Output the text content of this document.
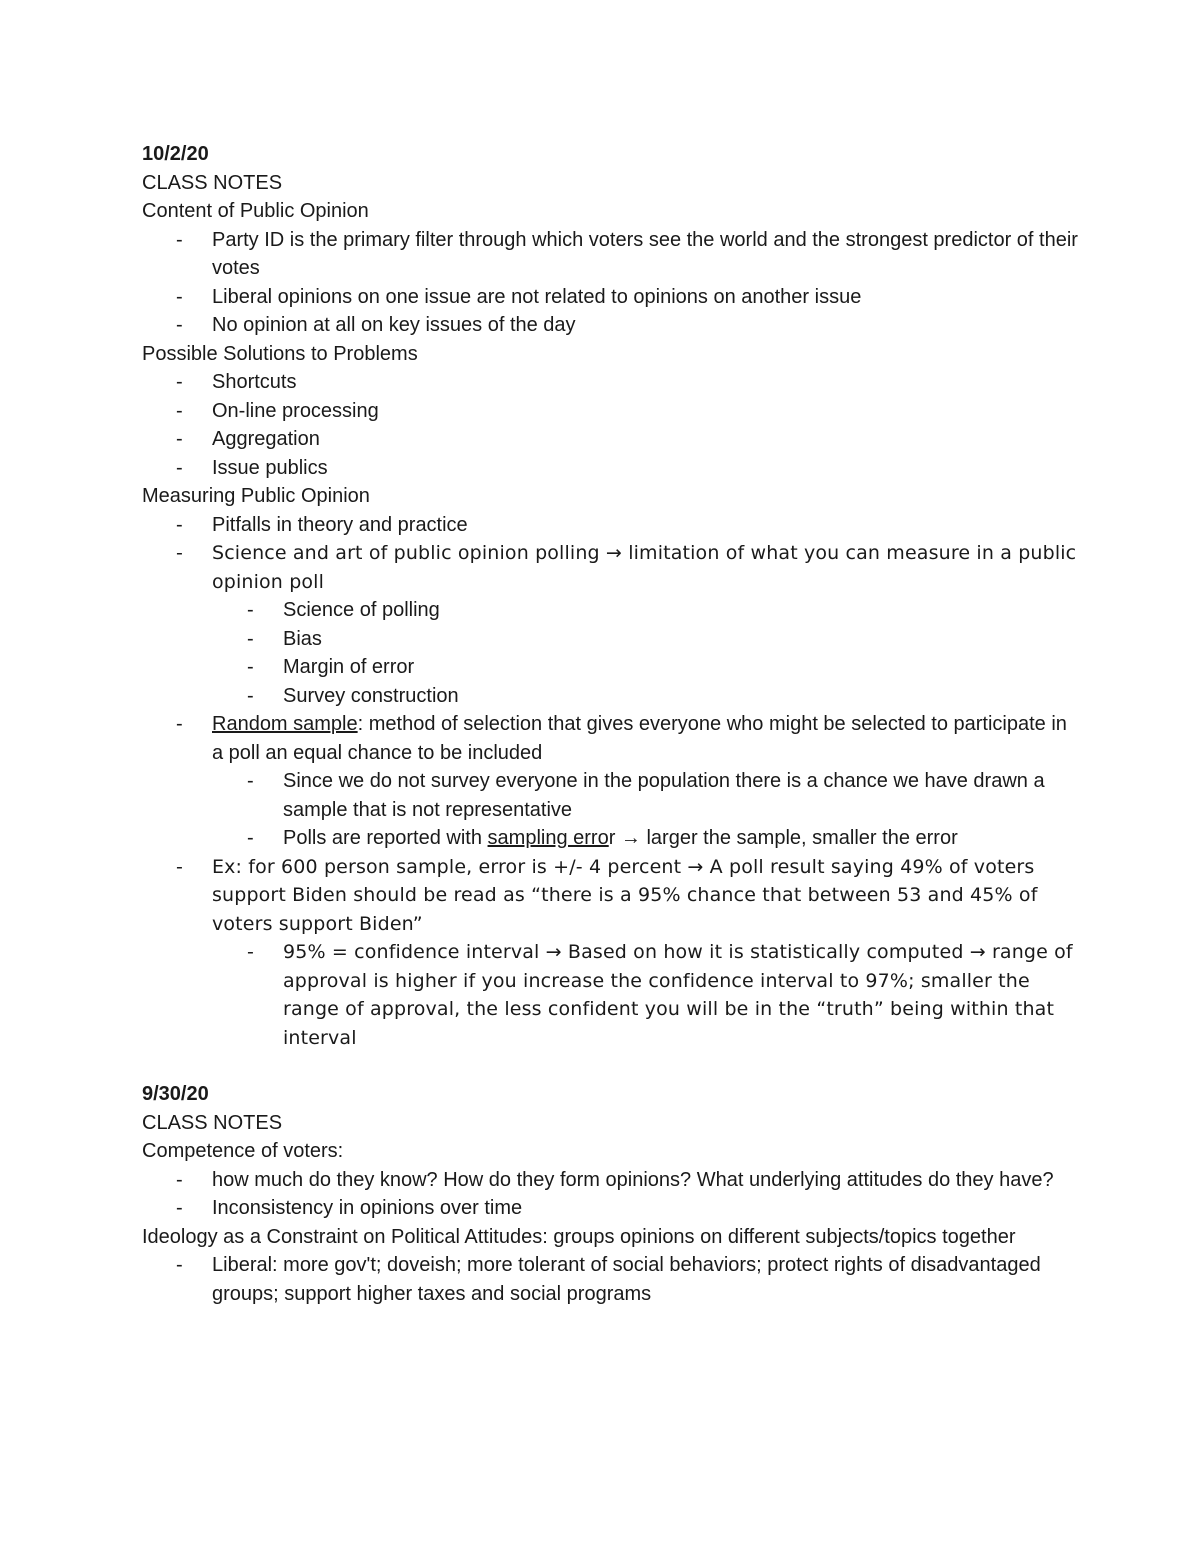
10/2/20

CLASS NOTES

Content of Public Opinion

- Party ID is the primary filter through which voters see the world and the strongest predictor of their votes
- Liberal opinions on one issue are not related to opinions on another issue
- No opinion at all on key issues of the day

Possible Solutions to Problems

- Shortcuts
- On-line processing
- Aggregation
- Issue publics

Measuring Public Opinion

- Pitfalls in theory and practice
- Science and art of public opinion polling → limitation of what you can measure in a public opinion poll
- Science of polling
- Bias
- Margin of error
- Survey construction
- Random sample: method of selection that gives everyone who might be selected to participate in a poll an equal chance to be included
- Since we do not survey everyone in the population there is a chance we have drawn a sample that is not representative
- Polls are reported with sampling error → larger the sample, smaller the error
- Ex: for 600 person sample, error is +/- 4 percent → A poll result saying 49% of voters support Biden should be read as “there is a 95% chance that between 53 and 45% of voters support Biden”
- 95% = confidence interval → Based on how it is statistically computed → range of approval is higher if you increase the confidence interval to 97%; smaller the range of approval, the less confident you will be in the “truth” being within that interval

9/30/20

CLASS NOTES

Competence of voters:

- how much do they know? How do they form opinions? What underlying attitudes do they have?
- Inconsistency in opinions over time

Ideology as a Constraint on Political Attitudes: groups opinions on different subjects/topics together

- Liberal: more gov't; doveish; more tolerant of social behaviors; protect rights of disadvantaged groups; support higher taxes and social programs
